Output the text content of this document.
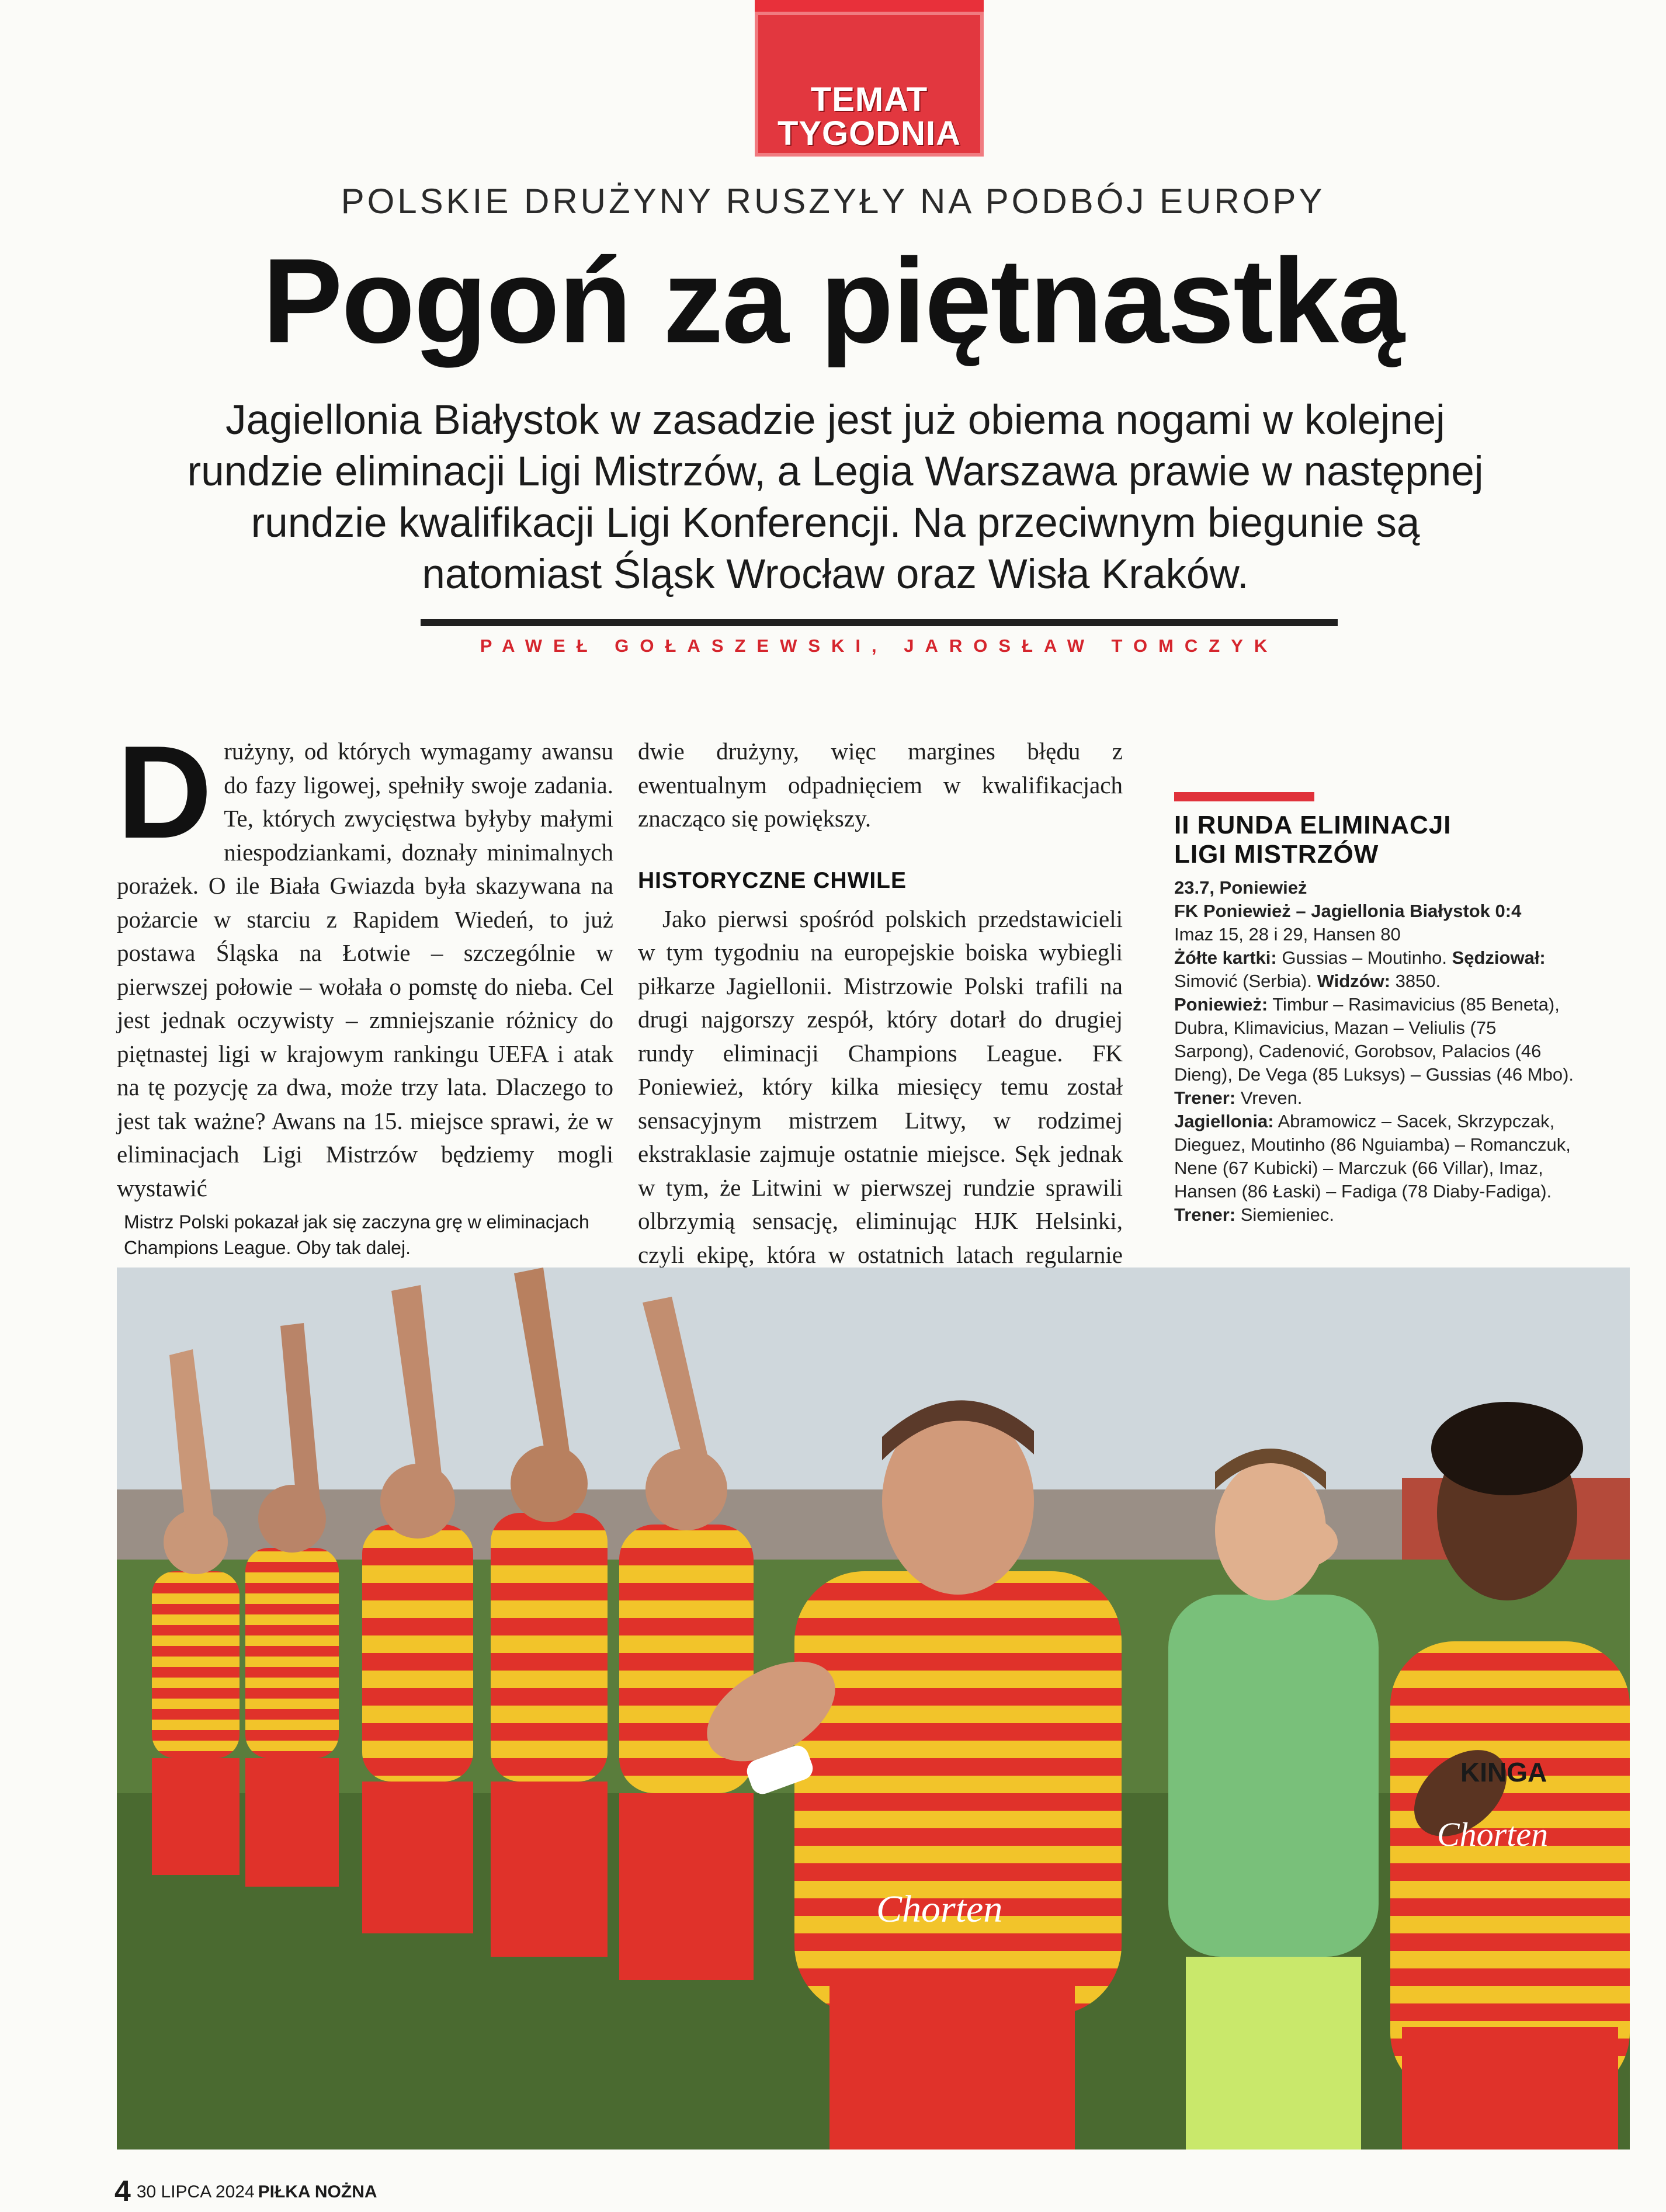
TEMAT
TYGODNIA
POLSKIE DRUŻYNY RUSZYŁY NA PODBÓJ EUROPY
Pogoń za piętnastką
Jagiellonia Białystok w zasadzie jest już obiema nogami w kolejnej rundzie eliminacji Ligi Mistrzów, a Legia Warszawa prawie w następnej rundzie kwalifikacji Ligi Konferencji. Na przeciwnym biegunie są natomiast Śląsk Wrocław oraz Wisła Kraków.
PAWEŁ GOŁASZEWSKI, JAROSŁAW TOMCZYK

Drużyny, od których wymagamy awansu do fazy ligowej, spełniły swoje zadania. Te, których zwycięstwa byłyby małymi niespodziankami, doznały minimalnych porażek. O ile Biała Gwiazda była skazywana na pożarcie w starciu z Rapidem Wiedeń, to już postawa Śląska na Łotwie – szczególnie w pierwszej połowie – wołała o pomstę do nieba. Cel jest jednak oczywisty – zmniejszanie różnicy do piętnastej ligi w krajowym rankingu UEFA i atak na tę pozycję za dwa, może trzy lata. Dlaczego to jest tak ważne? Awans na 15. miejsce sprawi, że w eliminacjach Ligi Mistrzów będziemy mogli wystawić

dwie drużyny, więc margines błędu z ewentualnym odpadnięciem w kwalifikacjach znacząco się powiększy.

HISTORYCZNE CHWILE

Jako pierwsi spośród polskich przedstawicieli w tym tygodniu na europejskie boiska wybiegli piłkarze Jagiellonii. Mistrzowie Polski trafili na drugi najgorszy zespół, który dotarł do drugiej rundy eliminacji Champions League. FK Poniewież, który kilka miesięcy temu został sensacyjnym mistrzem Litwy, w rodzimej ekstraklasie zajmuje ostatnie miejsce. Sęk jednak w tym, że Litwini w pierwszej rundzie sprawili olbrzymią sensację, eliminując HJK Helsinki, czyli ekipę, która w ostatnich latach regularnie

II RUNDA ELIMINACJI
LIGI MISTRZÓW

23.7, Poniewież

FK Poniewież – Jagiellonia Białystok 0:4

Imaz 15, 28 i 29, Hansen 80

Żółte kartki: Gussias – Moutinho. Sędziował: Simović (Serbia). Widzów: 3850.

Poniewież: Timbur – Rasimavicius (85 Beneta), Dubra, Klimavicius, Mazan – Veliulis (75 Sarpong), Cadenović, Gorobsov, Palacios (46 Dieng), De Vega (85 Luksys) – Gussias (46 Mbo). Trener: Vreven.

Jagiellonia: Abramowicz – Sacek, Skrzypczak, Dieguez, Moutinho (86 Nguiamba) – Romanczuk, Nene (67 Kubicki) – Marczuk (66 Villar), Imaz, Hansen (86 Łaski) – Fadiga (78 Diaby-Fadiga). Trener: Siemieniec.

Mistrz Polski pokazał jak się zaczyna grę w eliminacjach Champions League. Oby tak dalej.
Chorten
KINGA
Chorten
4 30 LIPCA 2024 PIŁKA NOŻNA
